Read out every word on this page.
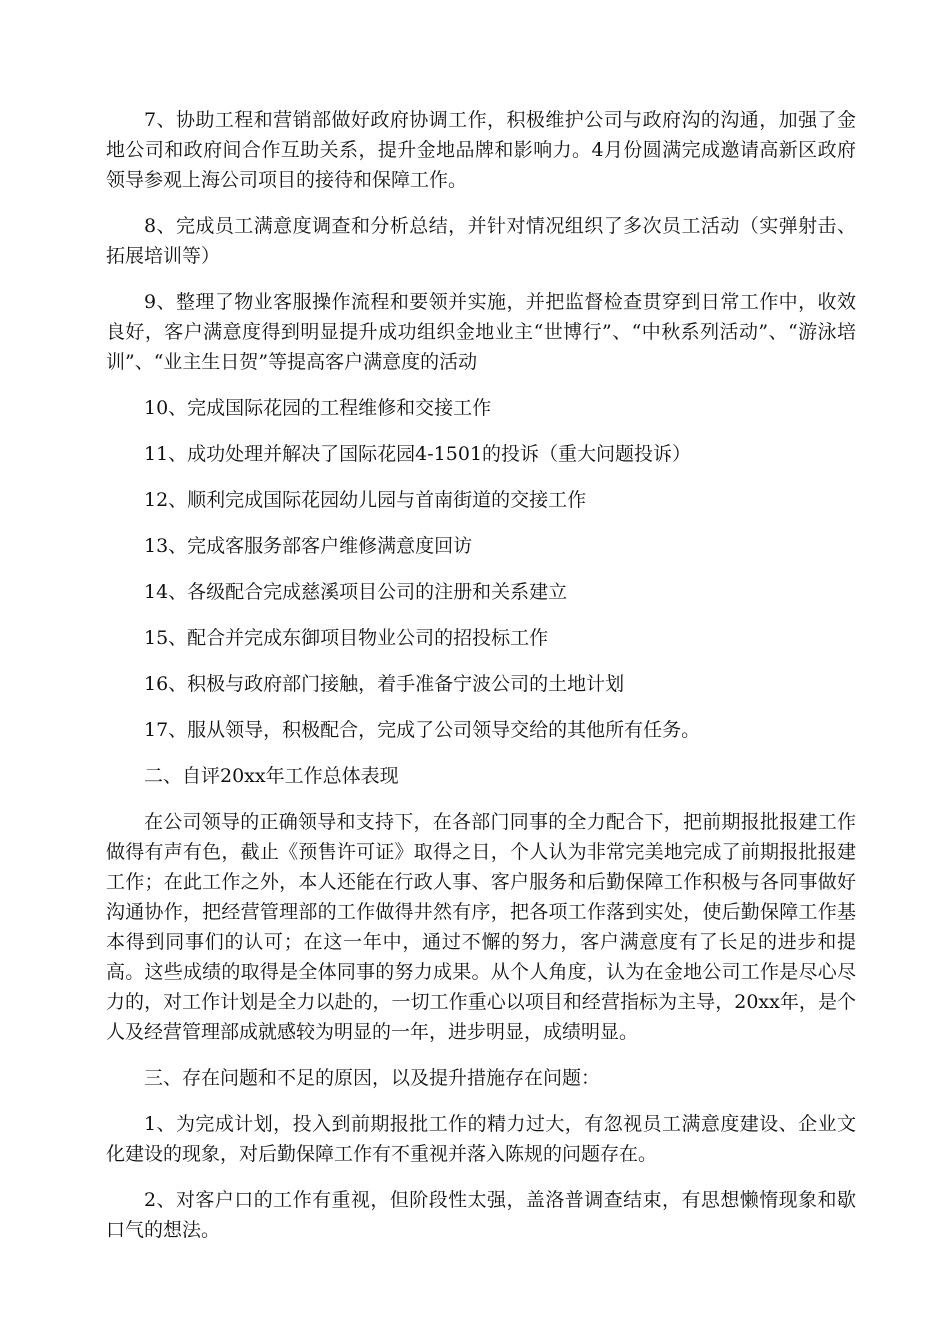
7、协助工程和营销部做好政府协调工作，积极维护公司与政府沟的沟通，加强了金地公司和政府间合作互助关系，提升金地品牌和影响力。4月份圆满完成邀请高新区政府领导参观上海公司项目的接待和保障工作。

8、完成员工满意度调查和分析总结，并针对情况组织了多次员工活动（实弹射击、拓展培训等）

9、整理了物业客服操作流程和要领并实施，并把监督检查贯穿到日常工作中，收效良好，客户满意度得到明显提升成功组织金地业主“世博行”、“中秋系列活动”、“游泳培训”、“业主生日贺”等提高客户满意度的活动

10、完成国际花园的工程维修和交接工作

11、成功处理并解决了国际花园4-1501的投诉（重大问题投诉）

12、顺利完成国际花园幼儿园与首南街道的交接工作

13、完成客服务部客户维修满意度回访

14、各级配合完成慈溪项目公司的注册和关系建立

15、配合并完成东御项目物业公司的招投标工作

16、积极与政府部门接触，着手准备宁波公司的土地计划

17、服从领导，积极配合，完成了公司领导交给的其他所有任务。

二、自评20xx年工作总体表现

在公司领导的正确领导和支持下，在各部门同事的全力配合下，把前期报批报建工作做得有声有色，截止《预售许可证》取得之日，个人认为非常完美地完成了前期报批报建工作；在此工作之外，本人还能在行政人事、客户服务和后勤保障工作积极与各同事做好沟通协作，把经营管理部的工作做得井然有序，把各项工作落到实处，使后勤保障工作基本得到同事们的认可；在这一年中，通过不懈的努力，客户满意度有了长足的进步和提高。这些成绩的取得是全体同事的努力成果。从个人角度，认为在金地公司工作是尽心尽力的，对工作计划是全力以赴的，一切工作重心以项目和经营指标为主导，20xx年，是个人及经营管理部成就感较为明显的一年，进步明显，成绩明显。

三、存在问题和不足的原因，以及提升措施存在问题：

1、为完成计划，投入到前期报批工作的精力过大，有忽视员工满意度建设、企业文化建设的现象，对后勤保障工作有不重视并落入陈规的问题存在。

2、对客户口的工作有重视，但阶段性太强，盖洛普调查结束，有思想懒惰现象和歇口气的想法。
